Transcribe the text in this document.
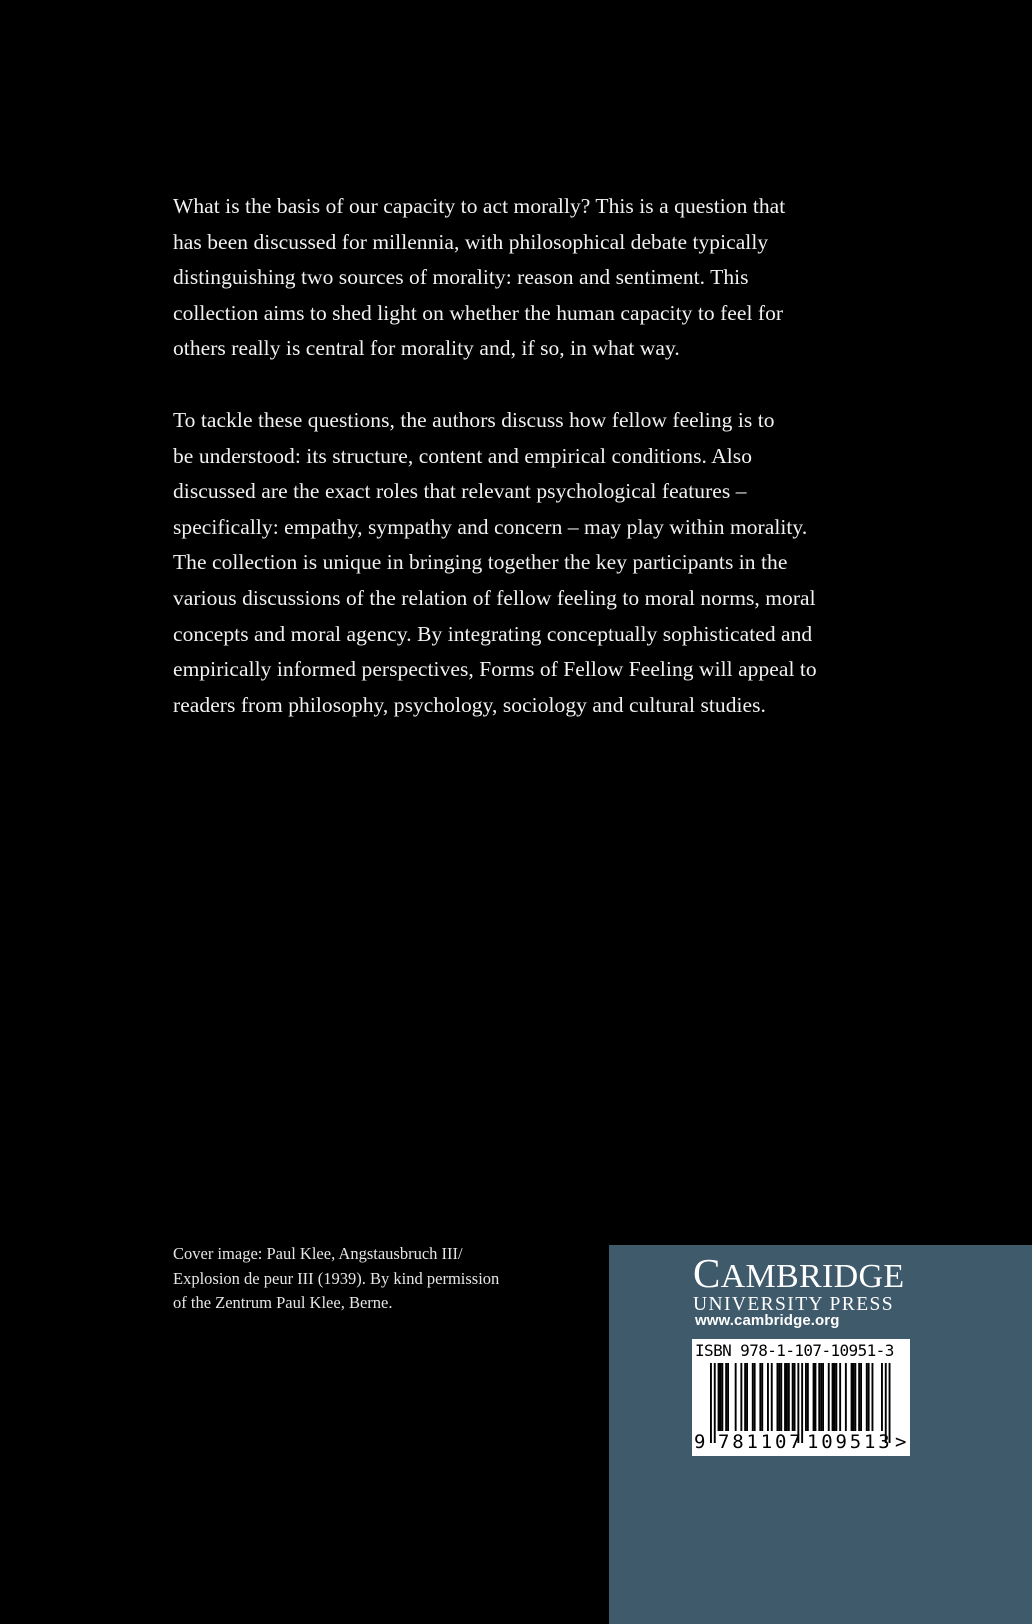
What is the basis of our capacity to act morally? This is a question that
has been discussed for millennia, with philosophical debate typically
distinguishing two sources of morality: reason and sentiment. This
collection aims to shed light on whether the human capacity to feel for
others really is central for morality and, if so, in what way.

To tackle these questions, the authors discuss how fellow feeling is to
be understood: its structure, content and empirical conditions. Also
discussed are the exact roles that relevant psychological features –
specifically: empathy, sympathy and concern – may play within morality.
The collection is unique in bringing together the key participants in the
various discussions of the relation of fellow feeling to moral norms, moral
concepts and moral agency. By integrating conceptually sophisticated and
empirically informed perspectives, Forms of Fellow Feeling will appeal to
readers from philosophy, psychology, sociology and cultural studies.

Cover image: Paul Klee, Angstausbruch III/
Explosion de peur III (1939). By kind permission
of the Zentrum Paul Klee, Berne.
CAMBRIDGE
UNIVERSITY PRESS
www.cambridge.org
ISBN 978-1-107-10951-3
9 781107 109513 >
